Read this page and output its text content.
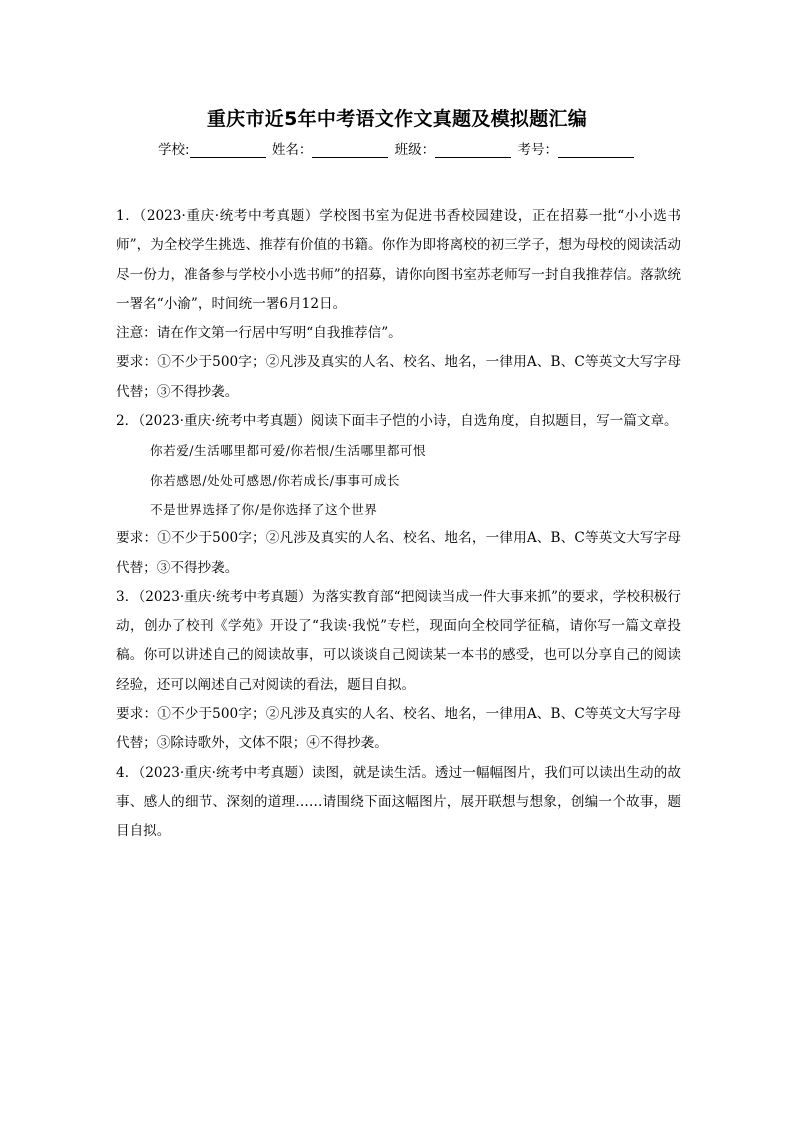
重庆市近5年中考语文作文真题及模拟题汇编
学校:	姓名：	班级：	考号：

1．（2023·重庆·统考中考真题）学校图书室为促进书香校园建设，正在招募一批“小小选书师”，为全校学生挑选、推荐有价值的书籍。你作为即将离校的初三学子，想为母校的阅读活动尽一份力，准备参与学校小小选书师”的招募，请你向图书室苏老师写一封自我推荐信。落款统一署名“小渝”，时间统一署6月12日。

注意：请在作文第一行居中写明“自我推荐信”。

要求：①不少于500字；②凡涉及真实的人名、校名、地名，一律用A、B、C等英文大写字母代替；③不得抄袭。

2．（2023·重庆·统考中考真题）阅读下面丰子恺的小诗，自选角度，自拟题目，写一篇文章。

你若爱/生活哪里都可爱/你若恨/生活哪里都可恨

你若感恩/处处可感恩/你若成长/事事可成长

不是世界选择了你/是你选择了这个世界

要求：①不少于500字；②凡涉及真实的人名、校名、地名，一律用A、B、C等英文大写字母代替；③不得抄袭。

3．（2023·重庆·统考中考真题）为落实教育部“把阅读当成一件大事来抓”的要求，学校积极行动，创办了校刊《学苑》开设了“我读·我悦”专栏，现面向全校同学征稿，请你写一篇文章投稿。你可以讲述自己的阅读故事，可以谈谈自己阅读某一本书的感受，也可以分享自己的阅读经验，还可以阐述自己对阅读的看法，题目自拟。

要求：①不少于500字；②凡涉及真实的人名、校名、地名，一律用A、B、C等英文大写字母代替；③除诗歌外，文体不限；④不得抄袭。

4．（2023·重庆·统考中考真题）读图，就是读生活。透过一幅幅图片，我们可以读出生动的故事、感人的细节、深刻的道理……请围绕下面这幅图片，展开联想与想象，创编一个故事，题目自拟。
